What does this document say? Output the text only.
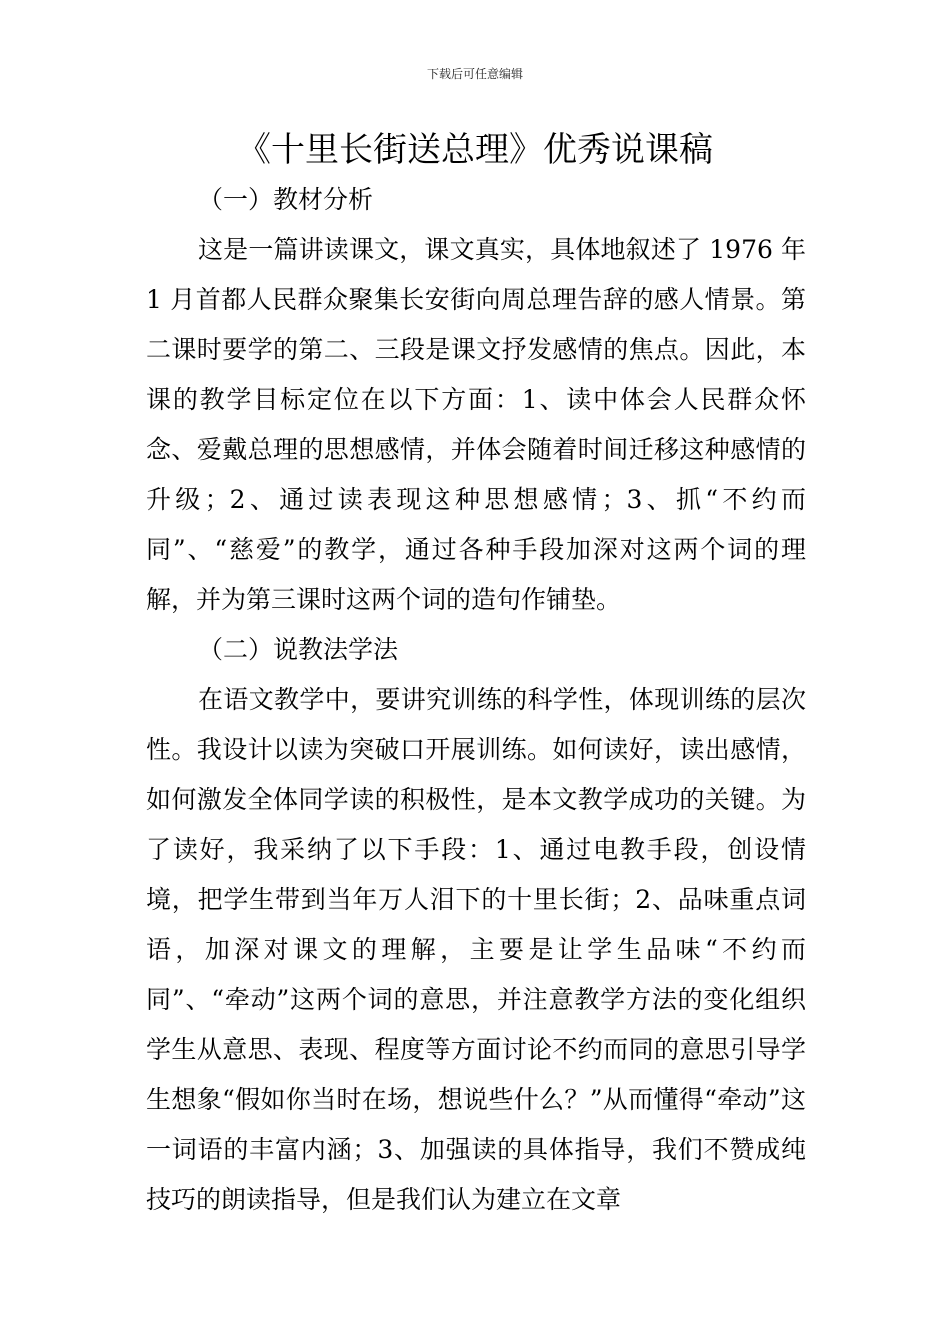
下载后可任意编辑
《十里长街送总理》优秀说课稿

（一）教材分析

这是一篇讲读课文，课文真实，具体地叙述了 1976 年 1 月首都人民群众聚集长安街向周总理告辞的感人情景。第二课时要学的第二、三段是课文抒发感情的焦点。因此，本课的教学目标定位在以下方面：1、读中体会人民群众怀念、爱戴总理的思想感情，并体会随着时间迁移这种感情的升级；2、通过读表现这种思想感情；3、抓“不约而同”、“慈爱”的教学，通过各种手段加深对这两个词的理解，并为第三课时这两个词的造句作铺垫。

（二）说教法学法

在语文教学中，要讲究训练的科学性，体现训练的层次性。我设计以读为突破口开展训练。如何读好，读出感情，如何激发全体同学读的积极性，是本文教学成功的关键。为了读好，我采纳了以下手段：1、通过电教手段，创设情境，把学生带到当年万人泪下的十里长街；2、品味重点词语，加深对课文的理解，主要是让学生品味“不约而同”、“牵动”这两个词的意思，并注意教学方法的变化组织学生从意思、表现、程度等方面讨论不约而同的意思引导学生想象“假如你当时在场，想说些什么？”从而懂得“牵动”这一词语的丰富内涵；3、加强读的具体指导，我们不赞成纯技巧的朗读指导，但是我们认为建立在文章
